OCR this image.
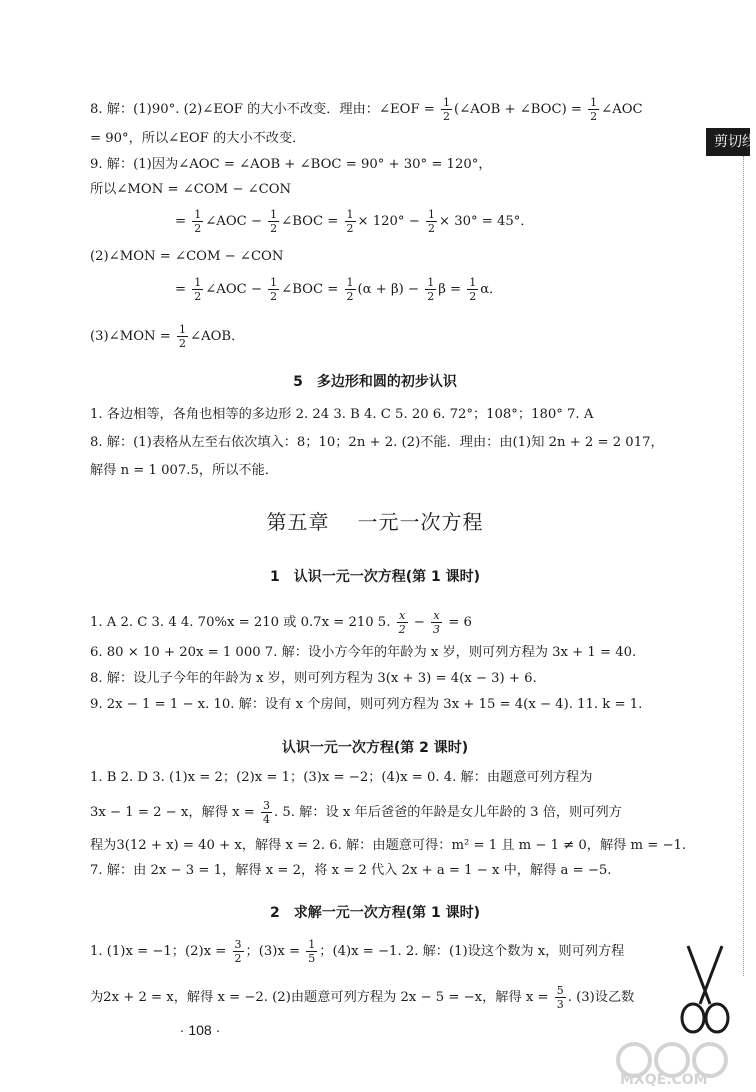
剪切线
8. 解：(1)90°. (2)∠EOF 的大小不改变．理由：∠EOF = $\frac{1}{2}$ (∠AOB + ∠BOC) = $\frac{1}{2}$ ∠AOC
= 90°，所以∠EOF 的大小不改变．
9. 解：(1)因为∠AOC = ∠AOB + ∠BOC = 90° + 30° = 120°，
所以∠MON = ∠COM − ∠CON
= $\frac{1}{2}$ ∠AOC − $\frac{1}{2}$ ∠BOC = $\frac{1}{2} \times 120^\circ - \frac{1}{2} \times 30^\circ = 45^\circ$．
(2)∠MON = ∠COM − ∠CON
= $\frac{1}{2}$ ∠AOC − $\frac{1}{2}$ ∠BOC = $\frac{1}{2} (\alpha + \beta) - \frac{1}{2}$ $\beta = \frac{1}{2}$ α．
(3)∠MON = $\frac{1}{2}$ ∠AOB．
5 多边形和圆的初步认识
1. 各边相等，各角也相等的多边形 2. 24 3. B 4. C 5. 20 6. 72°；108°；180° 7. A
8. 解：(1)表格从左至右依次填入：8；10；2n + 2. (2)不能．理由：由(1)知 2n + 2 = 2 017，
解得 n = 1 007.5，所以不能．
第五章 一元一次方程
1 认识一元一次方程(第 1 课时)
1. A 2. C 3. 4 4. 70%x = 210 或 0.7x = 210 5. $\frac{x}{2} - \frac{x}{3} = 6$
6. 80 × 10 + 20x = 1 000 7. 解：设小方今年的年龄为 x 岁，则可列方程为 3x + 1 = 40.
8. 解：设儿子今年的年龄为 x 岁，则可列方程为 3(x + 3) = 4(x − 3) + 6.
9. 2x − 1 = 1 − x. 10. 解：设有 x 个房间，则可列方程为 3x + 15 = 4(x − 4). 11. k = 1.
认识一元一次方程(第 2 课时)
1. B 2. D 3. (1)x = 2；(2)x = 1；(3)x = −2；(4)x = 0. 4. 解：由题意可列方程为
3x − 1 = 2 − x，解得 $x = \frac{3}{4}$ . 5. 解：设 x 年后爸爸的年龄是女儿年龄的 3 倍，则可列方
程为3(12 + x) = 40 + x，解得 x = 2. 6. 解：由题意可得：m² = 1 且 m − 1 ≠ 0，解得 m = −1.
7. 解：由 2x − 3 = 1，解得 x = 2，将 x = 2 代入 2x + a = 1 − x 中，解得 a = −5.
2 求解一元一次方程(第 1 课时)
1. (1)x = −1；$(2)x = \frac{3}{2}$ ；$(3)x = \frac{1}{5}$ ；(4)x = −1. 2. 解：(1)设这个数为 x，则可列方程
为2x + 2 = x，解得 x = −2. (2)由题意可列方程为 2x − 5 = −x，解得 $x = \frac{5}{3}$ . (3)设乙数
· 108 ·
MXQE.COM
